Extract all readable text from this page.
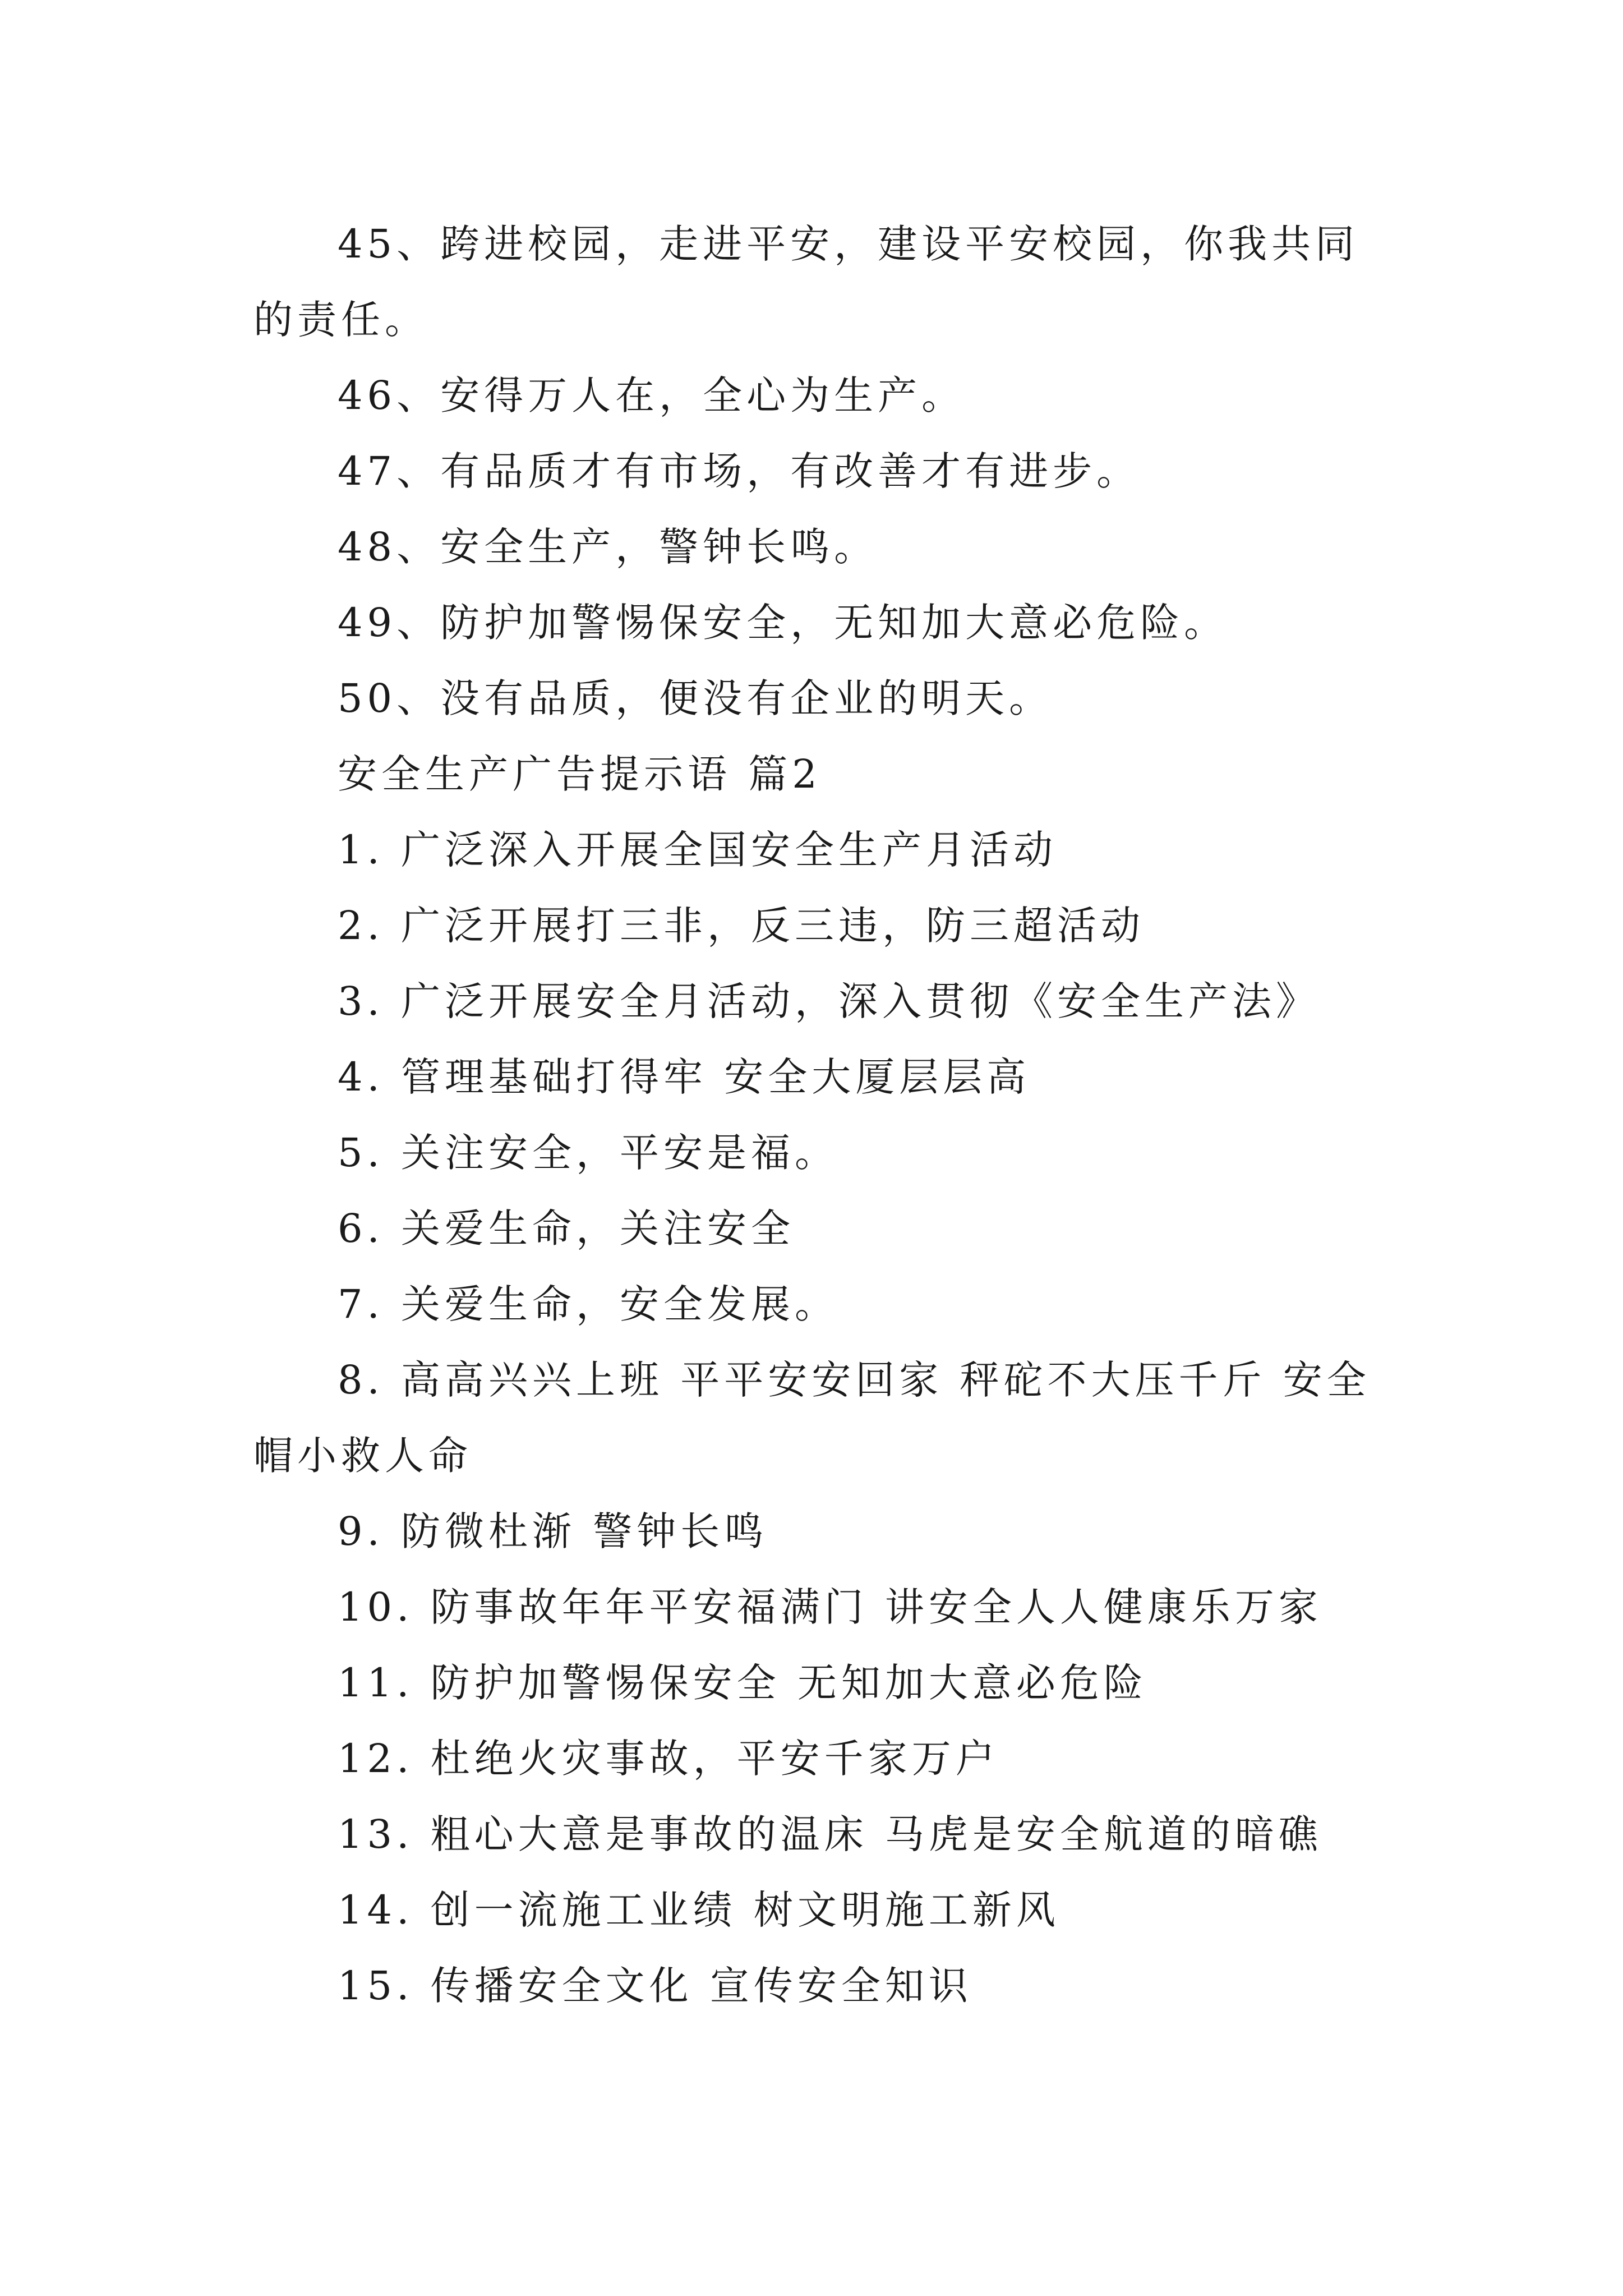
45、跨进校园，走进平安，建设平安校园，你我共同的责任。

46、安得万人在，全心为生产。

47、有品质才有市场，有改善才有进步。

48、安全生产，警钟长鸣。

49、防护加警惕保安全，无知加大意必危险。

50、没有品质，便没有企业的明天。

安全生产广告提示语 篇2

1. 广泛深入开展全国安全生产月活动

2. 广泛开展打三非，反三违，防三超活动

3. 广泛开展安全月活动，深入贯彻《安全生产法》

4. 管理基础打得牢 安全大厦层层高

5. 关注安全，平安是福。

6. 关爱生命，关注安全

7. 关爱生命，安全发展。

8. 高高兴兴上班 平平安安回家 秤砣不大压千斤 安全帽小救人命

9. 防微杜渐 警钟长鸣

10. 防事故年年平安福满门 讲安全人人健康乐万家

11. 防护加警惕保安全 无知加大意必危险

12. 杜绝火灾事故，平安千家万户

13. 粗心大意是事故的温床 马虎是安全航道的暗礁

14. 创一流施工业绩 树文明施工新风

15. 传播安全文化 宣传安全知识
